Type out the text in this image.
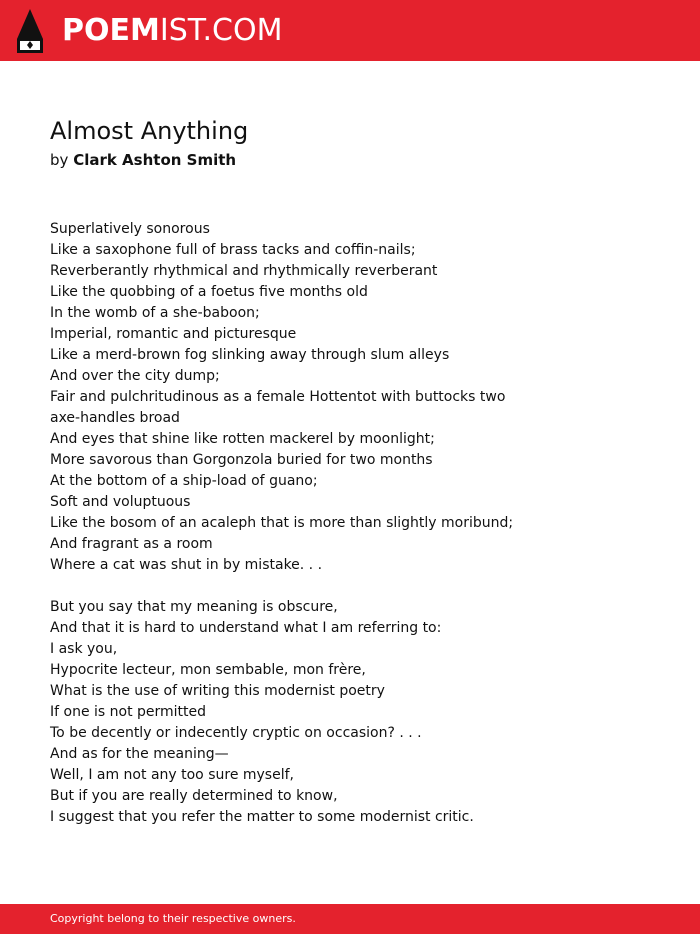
POEMIST.COM
Almost Anything
by Clark Ashton Smith
Superlatively sonorous
Like a saxophone full of brass tacks and coffin-nails;
Reverberantly rhythmical and rhythmically reverberant
Like the quobbing of a foetus five months old
In the womb of a she-baboon;
Imperial, romantic and picturesque
Like a merd-brown fog slinking away through slum alleys
And over the city dump;
Fair and pulchritudinous as a female Hottentot with buttocks two
axe-handles broad
And eyes that shine like rotten mackerel by moonlight;
More savorous than Gorgonzola buried for two months
At the bottom of a ship-load of guano;
Soft and voluptuous
Like the bosom of an acaleph that is more than slightly moribund;
And fragrant as a room
Where a cat was shut in by mistake. . .
But you say that my meaning is obscure,
And that it is hard to understand what I am referring to:
I ask you,
Hypocrite lecteur, mon sembable, mon frère,
What is the use of writing this modernist poetry
If one is not permitted
To be decently or indecently cryptic on occasion? . . .
And as for the meaning—
Well, I am not any too sure myself,
But if you are really determined to know,
I suggest that you refer the matter to some modernist critic.
Copyright belong to their respective owners.
